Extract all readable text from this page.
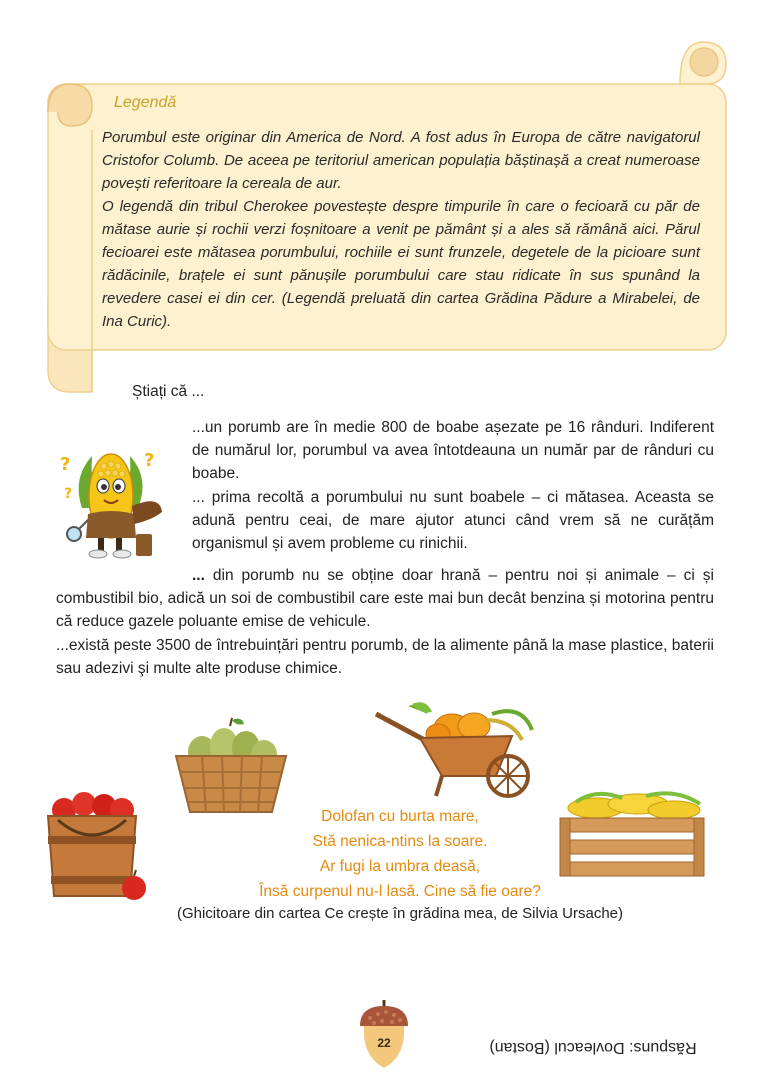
Legendă

Porumbul este originar din America de Nord. A fost adus în Europa de către navigatorul Cristofor Columb. De aceea pe teritoriul american populația băștinașă a creat numeroase povești referitoare la cereala de aur.

O legendă din tribul Cherokee povestește despre timpurile în care o fecioară cu păr de mătase aurie și rochii verzi foșnitoare a venit pe pământ și a ales să rămână aici. Părul fecioarei este mătasea porumbului, rochiile ei sunt frunzele, degetele de la picioare sunt rădăcinile, brațele ei sunt pănușile porumbului care stau ridicate în sus spunând la revedere casei ei din cer. (Legendă preluată din cartea Grădina Pădure a Mirabelei, de Ina Curic).

Știați că ...
?	?
?

...un porumb are în medie 800 de boabe așezate pe 16 rânduri. Indiferent de numărul lor, porumbul va avea întotdeauna un număr par de rânduri cu boabe.

... prima recoltă a porumbului nu sunt boabele – ci mătasea. Aceasta se adună pentru ceai, de mare ajutor atunci când vrem să ne curățăm organismul și avem probleme cu rinichii.

... din porumb nu se obține doar hrană – pentru noi și animale – ci și combustibil bio, adică un soi de combustibil care este mai bun decât benzina și motorina pentru că reduce gazele poluante emise de vehicule.

...există peste 3500 de întrebuințări pentru porumb, de la alimente până la mase plastice, baterii sau adezivi şi multe alte produse chimice.

Dolofan cu burta mare,
Stă nenica-ntins la soare.
Ar fugi la umbra deasă,
Însă curpenul nu-l lasă. Cine să fie oare?
(Ghicitoare din cartea Ce crește în grădina mea, de Silvia Ursache)
22	Răspuns: Dovleacul (Bostan)
